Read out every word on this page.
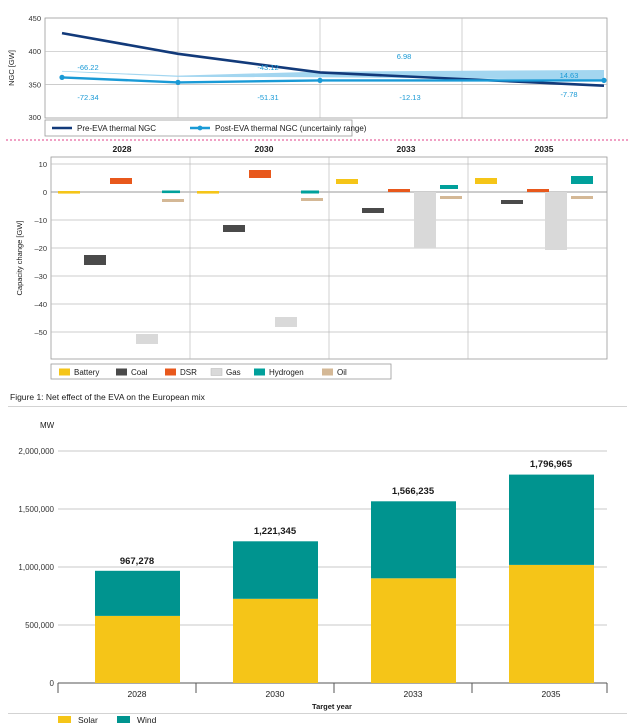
450
400
350
300
NGC [GW]	-66.22	-43.12
6.98
14.63
-72.34	-51.31	-12.13	-7.78
Pre-EVA thermal NGC	Post-EVA thermal NGC (uncertainly range)
2028	2030	2033	2035
10
0
–10
–20
–30
–40
–50
Capacity change [GW]
Battery	Coal	DSR	Gas	Hydrogen	Oil
Figure 1: Net effect of the EVA on the European mix
MW
2,000,000
1,500,000
1,000,000
500,000
0
967,278
1,221,345
1,566,235
1,796,965
2028	2030	2033	2035
Target year
Solar	Wind
